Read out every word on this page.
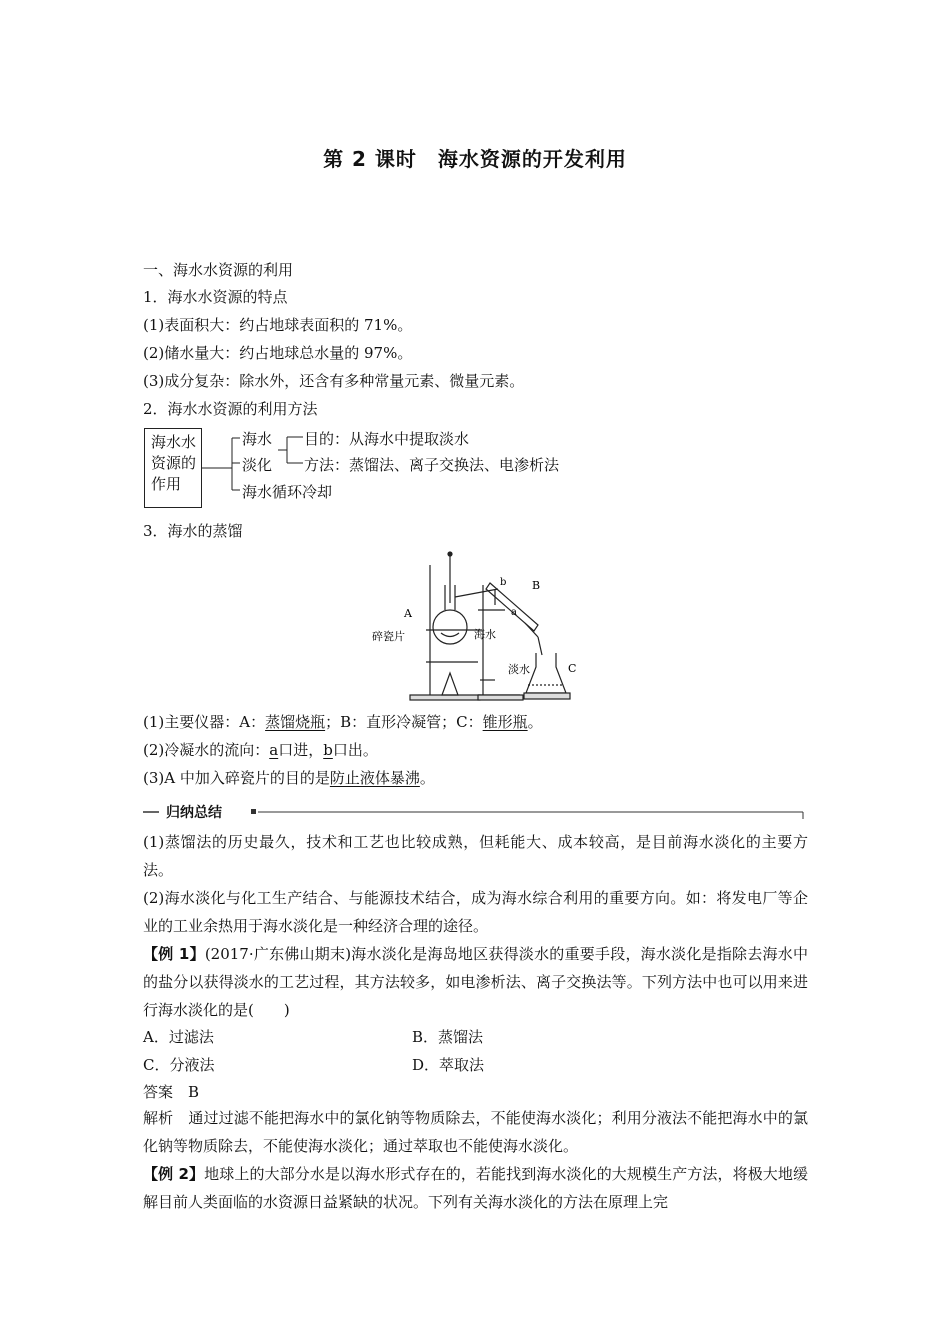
第 2 课时　海水资源的开发利用
一、海水水资源的利用
1．海水水资源的特点
(1)表面积大：约占地球表面积的 71%。
(2)储水量大：约占地球总水量的 97%。
(3)成分复杂：除水外，还含有多种常量元素、微量元素。
2．海水水资源的利用方法
海水水
资源的
作用
海水
淡化
目的：从海水中提取淡水
方法：蒸馏法、离子交换法、电渗析法
海水循环冷却
3．海水的蒸馏
A
B
C
a
b
碎瓷片	海水
淡水
(1)主要仪器：A：蒸馏烧瓶；B：直形冷凝管；C：锥形瓶。
(2)冷凝水的流向：a口进，b口出。
(3)A 中加入碎瓷片的目的是防止液体暴沸。
归纳总结
(1)蒸馏法的历史最久，技术和工艺也比较成熟，但耗能大、成本较高，是目前海水淡化的主要方法。
(2)海水淡化与化工生产结合、与能源技术结合，成为海水综合利用的重要方向。如：将发电厂等企业的工业余热用于海水淡化是一种经济合理的途径。
【例 1】(2017·广东佛山期末)海水淡化是海岛地区获得淡水的重要手段，海水淡化是指除去海水中的盐分以获得淡水的工艺过程，其方法较多，如电渗析法、离子交换法等。下列方法中也可以用来进行海水淡化的是(　　)
A．过滤法	B．蒸馏法
C．分液法	D．萃取法
答案　B
解析　通过过滤不能把海水中的氯化钠等物质除去，不能使海水淡化；利用分液法不能把海水中的氯化钠等物质除去，不能使海水淡化；通过萃取也不能使海水淡化。
【例 2】地球上的大部分水是以海水形式存在的，若能找到海水淡化的大规模生产方法，将极大地缓解目前人类面临的水资源日益紧缺的状况。下列有关海水淡化的方法在原理上完
